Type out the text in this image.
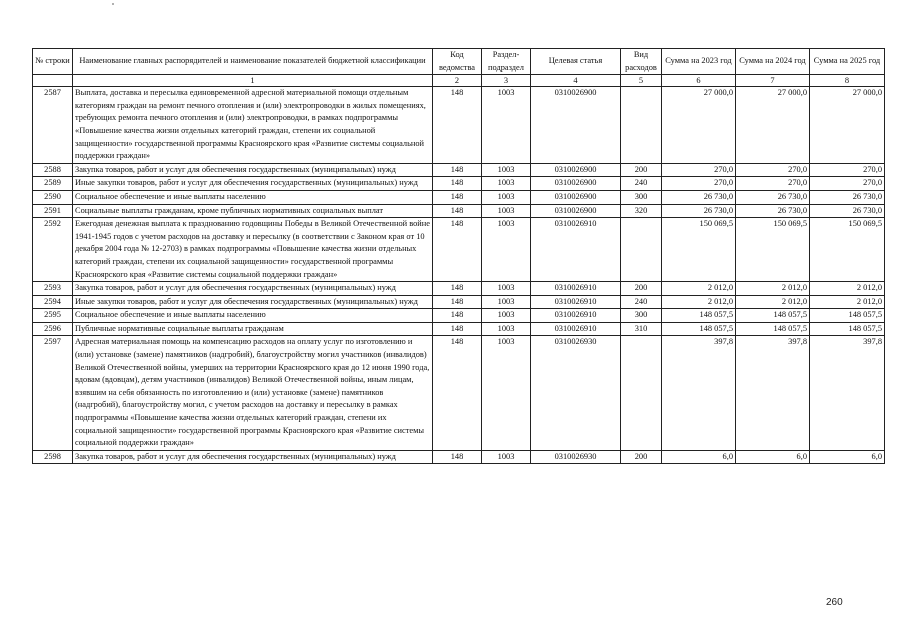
№ строки	Наименование главных распорядителей и наименование показателей бюджетной классификации	Код ведомства	Раздел-подраздел	Целевая статья	Вид расходов	Сумма на 2023 год	Сумма на 2024 год	Сумма на 2025 год
	1	2	3	4	5	6	7	8
2587	Выплата, доставка и пересылка единовременной адресной материальной помощи отдельным категориям граждан на ремонт печного отопления и (или) электропроводки в жилых помещениях, требующих ремонта печного отопления и (или) электропроводки, в рамках подпрограммы «Повышение качества жизни отдельных категорий граждан, степени их социальной защищенности» государственной программы Красноярского края «Развитие системы социальной поддержки граждан»	148	1003	0310026900		27 000,0	27 000,0	27 000,0
2588	Закупка товаров, работ и услуг для обеспечения государственных (муниципальных) нужд	148	1003	0310026900	200	270,0	270,0	270,0
2589	Иные закупки товаров, работ и услуг для обеспечения государственных (муниципальных) нужд	148	1003	0310026900	240	270,0	270,0	270,0
2590	Социальное обеспечение и иные выплаты населению	148	1003	0310026900	300	26 730,0	26 730,0	26 730,0
2591	Социальные выплаты гражданам, кроме публичных нормативных социальных выплат	148	1003	0310026900	320	26 730,0	26 730,0	26 730,0
2592	Ежегодная денежная выплата к празднованию годовщины Победы в Великой Отечественной войне 1941-1945 годов с учетом расходов на доставку и пересылку (в соответствии с Законом края от 10 декабря 2004 года № 12-2703) в рамках подпрограммы «Повышение качества жизни отдельных категорий граждан, степени их социальной защищенности» государственной программы Красноярского края «Развитие системы социальной поддержки граждан»	148	1003	0310026910		150 069,5	150 069,5	150 069,5
2593	Закупка товаров, работ и услуг для обеспечения государственных (муниципальных) нужд	148	1003	0310026910	200	2 012,0	2 012,0	2 012,0
2594	Иные закупки товаров, работ и услуг для обеспечения государственных (муниципальных) нужд	148	1003	0310026910	240	2 012,0	2 012,0	2 012,0
2595	Социальное обеспечение и иные выплаты населению	148	1003	0310026910	300	148 057,5	148 057,5	148 057,5
2596	Публичные нормативные социальные выплаты гражданам	148	1003	0310026910	310	148 057,5	148 057,5	148 057,5
2597	Адресная материальная помощь на компенсацию расходов на оплату услуг по изготовлению и (или) установке (замене) памятников (надгробий), благоустройству могил участников (инвалидов) Великой Отечественной войны, умерших на территории Красноярского края до 12 июня 1990 года, вдовам (вдовцам), детям участников (инвалидов) Великой Отечественной войны, иным лицам, взявшим на себя обязанность по изготовлению и (или) установке (замене) памятников (надгробий), благоустройству могил, с учетом расходов на доставку и пересылку в рамках подпрограммы «Повышение качества жизни отдельных категорий граждан, степени их социальной защищенности» государственной программы Красноярского края «Развитие системы социальной поддержки граждан»	148	1003	0310026930		397,8	397,8	397,8
2598	Закупка товаров, работ и услуг для обеспечения государственных (муниципальных) нужд	148	1003	0310026930	200	6,0	6,0	6,0
260
